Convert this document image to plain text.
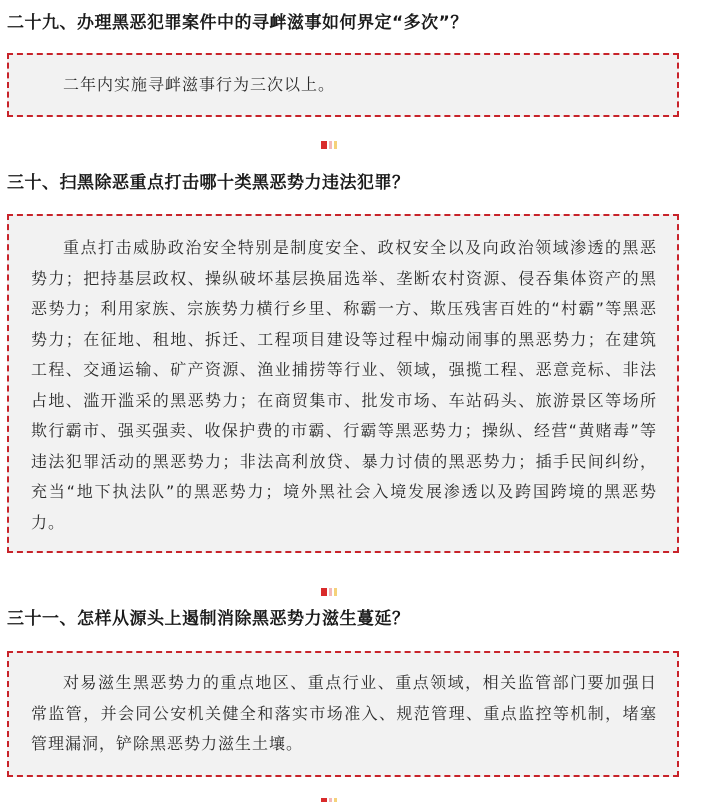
二十九、办理黑恶犯罪案件中的寻衅滋事如何界定“多次”？

二年内实施寻衅滋事行为三次以上。

三十、扫黑除恶重点打击哪十类黑恶势力违法犯罪？

重点打击威胁政治安全特别是制度安全、政权安全以及向政治领域渗透的黑恶势力；把持基层政权、操纵破坏基层换届选举、垄断农村资源、侵吞集体资产的黑恶势力；利用家族、宗族势力横行乡里、称霸一方、欺压残害百姓的“村霸”等黑恶势力；在征地、租地、拆迁、工程项目建设等过程中煽动闹事的黑恶势力；在建筑工程、交通运输、矿产资源、渔业捕捞等行业、领域，强揽工程、恶意竞标、非法占地、滥开滥采的黑恶势力；在商贸集市、批发市场、车站码头、旅游景区等场所欺行霸市、强买强卖、收保护费的市霸、行霸等黑恶势力；操纵、经营“黄赌毒”等违法犯罪活动的黑恶势力；非法高利放贷、暴力讨债的黑恶势力；插手民间纠纷，充当“地下执法队”的黑恶势力；境外黑社会入境发展渗透以及跨国跨境的黑恶势力。

三十一、怎样从源头上遏制消除黑恶势力滋生蔓延？

对易滋生黑恶势力的重点地区、重点行业、重点领域，相关监管部门要加强日常监管，并会同公安机关健全和落实市场准入、规范管理、重点监控等机制，堵塞管理漏洞，铲除黑恶势力滋生土壤。
